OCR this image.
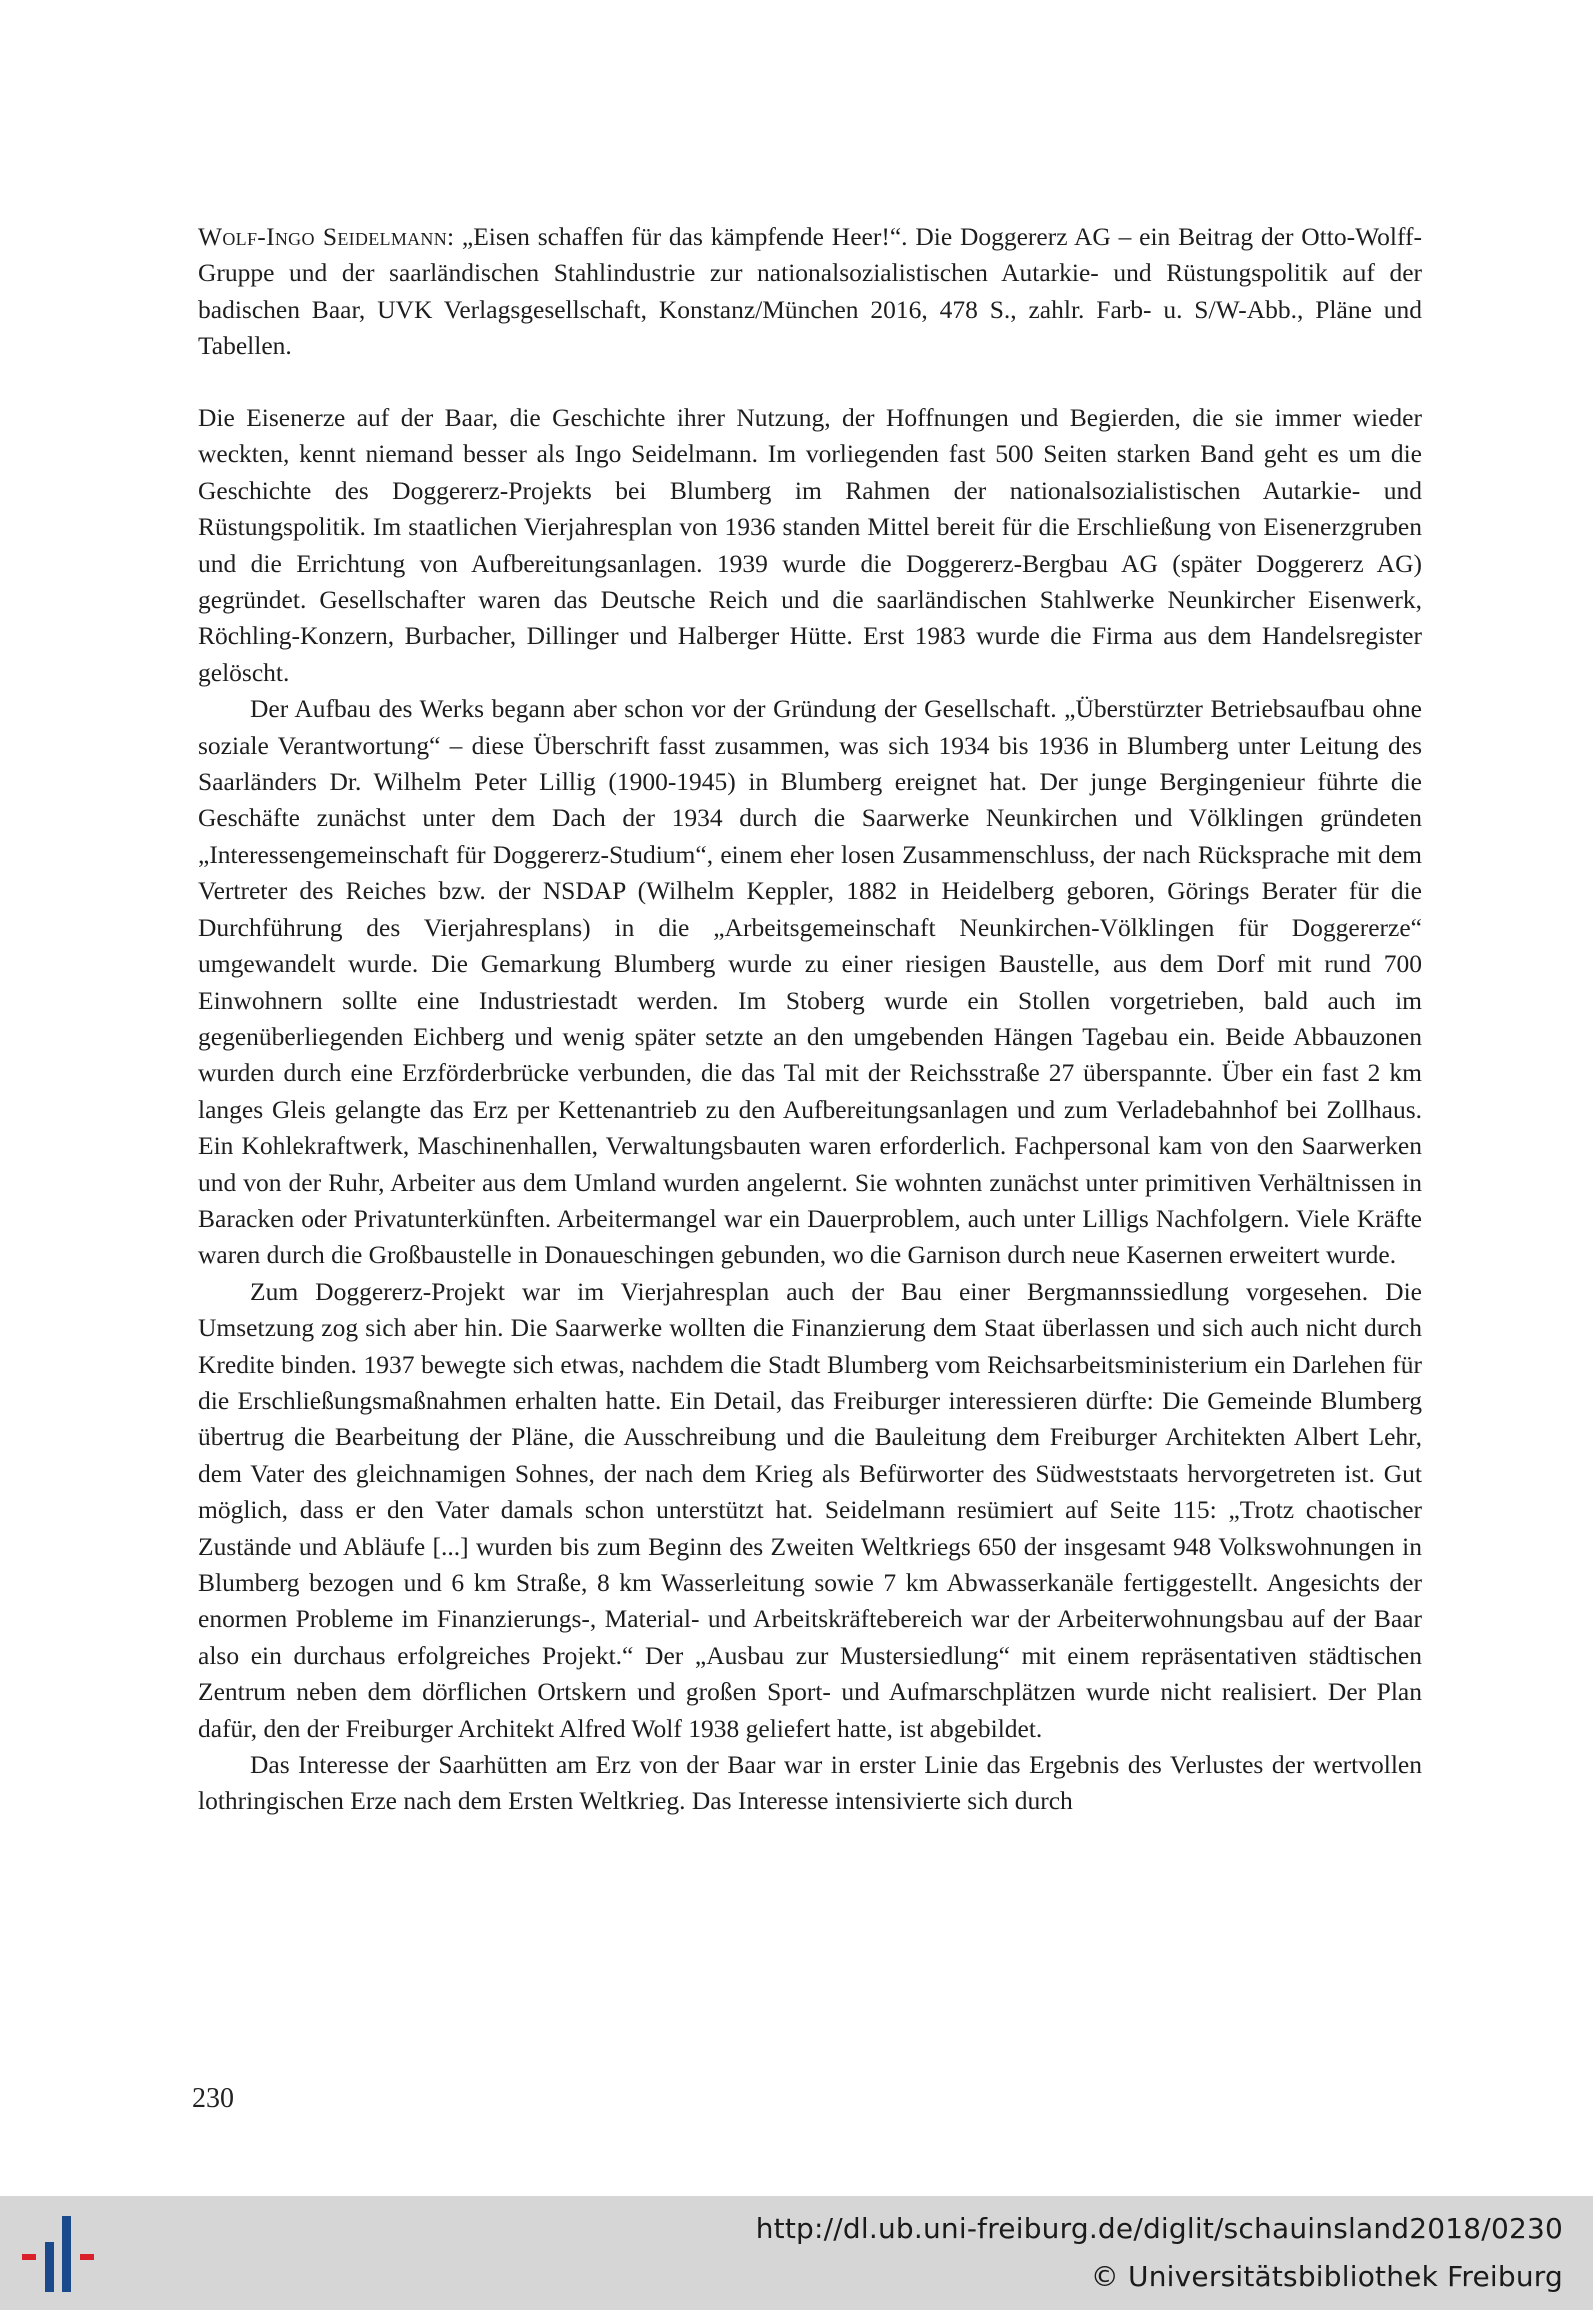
Wolf-Ingo Seidelmann: „Eisen schaffen für das kämpfende Heer!“. Die Doggererz AG – ein Beitrag der Otto-Wolff-Gruppe und der saarländischen Stahlindustrie zur nationalsozialistischen Autarkie- und Rüstungspolitik auf der badischen Baar, UVK Verlagsgesellschaft, Konstanz/München 2016, 478 S., zahlr. Farb- u. S/W-Abb., Pläne und Tabellen.

Die Eisenerze auf der Baar, die Geschichte ihrer Nutzung, der Hoffnungen und Begierden, die sie immer wieder weckten, kennt niemand besser als Ingo Seidelmann. Im vorliegenden fast 500 Seiten starken Band geht es um die Geschichte des Doggererz-Projekts bei Blumberg im Rahmen der nationalsozialistischen Autarkie- und Rüstungspolitik. Im staatlichen Vierjahresplan von 1936 standen Mittel bereit für die Erschließung von Eisenerzgruben und die Errichtung von Aufbereitungsanlagen. 1939 wurde die Doggererz-Bergbau AG (später Doggererz AG) gegründet. Gesellschafter waren das Deutsche Reich und die saarländischen Stahlwerke Neunkircher Eisenwerk, Röchling-Konzern, Burbacher, Dillinger und Halberger Hütte. Erst 1983 wurde die Firma aus dem Handelsregister gelöscht.

Der Aufbau des Werks begann aber schon vor der Gründung der Gesellschaft. „Überstürzter Betriebsaufbau ohne soziale Verantwortung“ – diese Überschrift fasst zusammen, was sich 1934 bis 1936 in Blumberg unter Leitung des Saarländers Dr. Wilhelm Peter Lillig (1900-1945) in Blumberg ereignet hat. Der junge Bergingenieur führte die Geschäfte zunächst unter dem Dach der 1934 durch die Saarwerke Neunkirchen und Völklingen gründeten „Interessengemeinschaft für Doggererz-Studium“, einem eher losen Zusammenschluss, der nach Rücksprache mit dem Vertreter des Reiches bzw. der NSDAP (Wilhelm Keppler, 1882 in Heidelberg geboren, Görings Berater für die Durchführung des Vierjahresplans) in die „Arbeitsgemeinschaft Neunkirchen-Völklingen für Doggererze“ umgewandelt wurde. Die Gemarkung Blumberg wurde zu einer riesigen Baustelle, aus dem Dorf mit rund 700 Einwohnern sollte eine Industriestadt werden. Im Stoberg wurde ein Stollen vorgetrieben, bald auch im gegenüberliegenden Eichberg und wenig später setzte an den umgebenden Hängen Tagebau ein. Beide Abbauzonen wurden durch eine Erzförderbrücke verbunden, die das Tal mit der Reichsstraße 27 überspannte. Über ein fast 2 km langes Gleis gelangte das Erz per Kettenantrieb zu den Aufbereitungsanlagen und zum Verladebahnhof bei Zollhaus. Ein Kohlekraftwerk, Maschinenhallen, Verwaltungsbauten waren erforderlich. Fachpersonal kam von den Saarwerken und von der Ruhr, Arbeiter aus dem Umland wurden angelernt. Sie wohnten zunächst unter primitiven Verhältnissen in Baracken oder Privatunterkünften. Arbeitermangel war ein Dauerproblem, auch unter Lilligs Nachfolgern. Viele Kräfte waren durch die Großbaustelle in Donaueschingen gebunden, wo die Garnison durch neue Kasernen erweitert wurde.

Zum Doggererz-Projekt war im Vierjahresplan auch der Bau einer Bergmannssiedlung vorgesehen. Die Umsetzung zog sich aber hin. Die Saarwerke wollten die Finanzierung dem Staat überlassen und sich auch nicht durch Kredite binden. 1937 bewegte sich etwas, nachdem die Stadt Blumberg vom Reichsarbeitsministerium ein Darlehen für die Erschließungsmaßnahmen erhalten hatte. Ein Detail, das Freiburger interessieren dürfte: Die Gemeinde Blumberg übertrug die Bearbeitung der Pläne, die Ausschreibung und die Bauleitung dem Freiburger Architekten Albert Lehr, dem Vater des gleichnamigen Sohnes, der nach dem Krieg als Befürworter des Südweststaats hervorgetreten ist. Gut möglich, dass er den Vater damals schon unterstützt hat. Seidelmann resümiert auf Seite 115: „Trotz chaotischer Zustände und Abläufe [...] wurden bis zum Beginn des Zweiten Weltkriegs 650 der insgesamt 948 Volkswohnungen in Blumberg bezogen und 6 km Straße, 8 km Wasserleitung sowie 7 km Abwasserkanäle fertiggestellt. Angesichts der enormen Probleme im Finanzierungs-, Material- und Arbeitskräftebereich war der Arbeiterwohnungsbau auf der Baar also ein durchaus erfolgreiches Projekt.“ Der „Ausbau zur Mustersiedlung“ mit einem repräsentativen städtischen Zentrum neben dem dörflichen Ortskern und großen Sport- und Aufmarschplätzen wurde nicht realisiert. Der Plan dafür, den der Freiburger Architekt Alfred Wolf 1938 geliefert hatte, ist abgebildet.

Das Interesse der Saarhütten am Erz von der Baar war in erster Linie das Ergebnis des Verlustes der wertvollen lothringischen Erze nach dem Ersten Weltkrieg. Das Interesse intensivierte sich durch

230
http://dl.ub.uni-freiburg.de/diglit/schauinsland2018/0230
© Universitätsbibliothek Freiburg
